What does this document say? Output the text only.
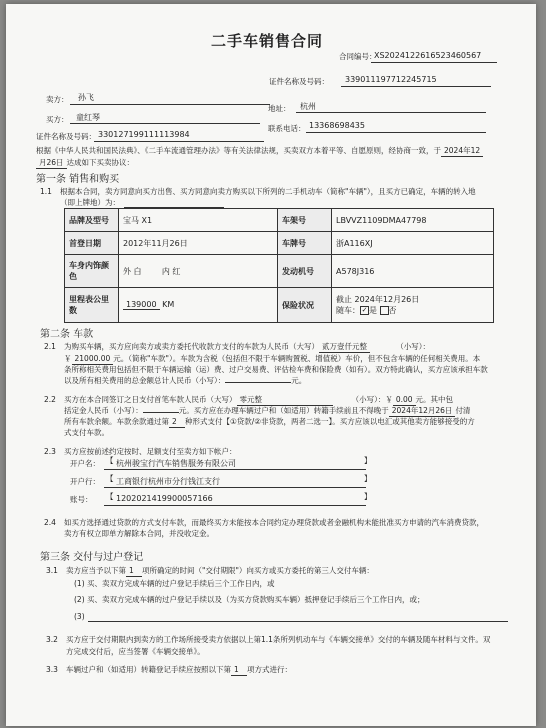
二手车销售合同
合同编号：
XS20241226165234605​67
卖方： 孙飞
证件名称及号码： 339011197712245715
买方： 童红琴
地址： 杭州
联系电话： 13368698435
证件名称及号码： 330127199111113984
根据《中华人民共和国民法典》、《二手车流通管理办法》等有关法律法规，买卖双方本着平等、自愿原则，经协商一致，于 2024年12
月26日 达成如下买卖协议：
第一条 销售和购买
1.1 根据本合同，卖方同意向买方出售、买方同意向卖方购买以下所列的二手机动车（简称"车辆"），且买方已确定，车辆的转入地
（即上牌地）为：
品牌及型号	宝马 X1	车架号	LBVVZ1109DMA47798
首登日期	2012年11月26日	车牌号	浙A116XJ
车身内饰颜色	外 白 内 红	发动机号	A578J316
里程表公里数	139000 KM	保险状况	截止 2024年12月26日
随车： ✓ 是 否
第二条 车款
2.1 为购买车辆，买方应向卖方或卖方委托代收款方支付的车款为人民币（大写） 贰万壹仟元整	（小写）：
￥ 21000.00 元。（简称"车款"）。车款为含税（包括但不限于车辆购置税、增值税）车价，但不包含车辆的任何相关费用。本
条所称相关费用包括但不限于车辆运输（运）费、过户交易费、评估检车费和保险费（如有）。双方特此确认，买方应该承担车款
以及所有相关费用的总金额总计人民币（小写）：	元。
2.2 买方在本合同签订之日支付首笔车款人民币（大写） 零元整	（小写）：￥ 0.00 元。其中包
括定金人民币（小写）：	元。买方应在办理车辆过户和（如适用）转籍手续前且不得晚于 2024年12月26日 付清
所有车款余额。车款余款通过第 2 种形式支付【①贷款/②非贷款，两者二选一】。买方应该以电汇或其他卖方能够接受的方
式支付车款。
2.3 买方应按前述约定按时、足额支付至卖方如下帐户：
开户名： 【 杭州骏宝行汽车销售服务有限公司	】
开户行： 【 工商银行杭州市分行钱江支行	】
账号： 【 1202021419900057166	】
2.4 如买方选择通过贷款的方式支付车款，而最终买方未能按本合同约定办理贷款或者金融机构未能批准买方申请的汽车消费贷款，
卖方有权立即单方解除本合同，并没收定金。
第三条 交付与过户登记
3.1 卖方应当予以下第 1 项所确定的时间（"交付期限"）向买方或买方委托的第三人交付车辆：
(1) 买、卖双方完成车辆的过户登记手续后三个工作日内，或
(2) 买、卖双方完成车辆的过户登记手续以及（为买方贷款购买车辆）抵押登记手续后三个工作日内，或；
(3)
3.2 买方应于交付期限内到卖方的工作场所接受卖方依据以上第1.1条所列机动车与《车辆交接单》交付的车辆及随车材料与文件。双
方完成交付后，应当签署《车辆交接单》。
3.3 车辆过户和（如适用）转籍登记手续应按照以下第 1 项方式进行：
